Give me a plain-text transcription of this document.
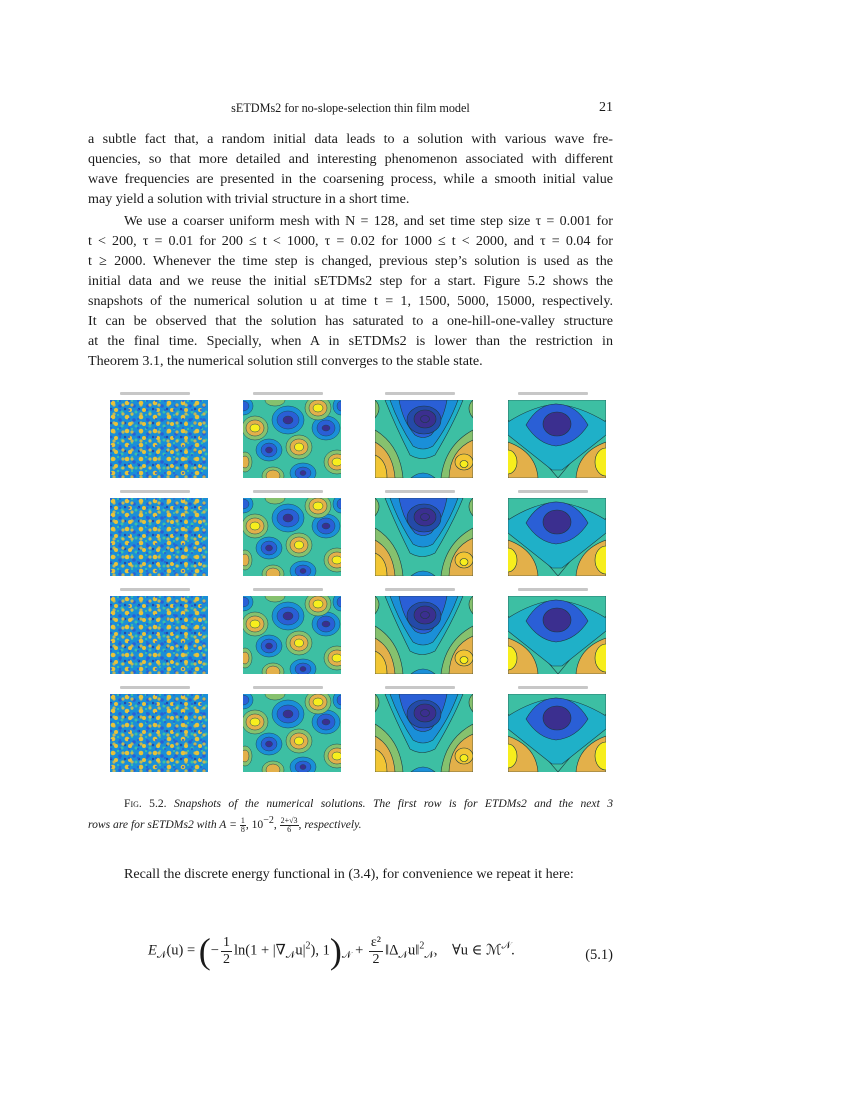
sETDMs2 for no-slope-selection thin film model	21
a subtle fact that, a random initial data leads to a solution with various wave fre-
quencies, so that more detailed and interesting phenomenon associated with different
wave frequencies are presented in the coarsening process, while a smooth initial value
may yield a solution with trivial structure in a short time.
We use a coarser uniform mesh with N = 128, and set time step size τ = 0.001 for
t < 200, τ = 0.01 for 200 ≤ t < 1000, τ = 0.02 for 1000 ≤ t < 2000, and τ = 0.04 for
t ≥ 2000. Whenever the time step is changed, previous step’s solution is used as the
initial data and we reuse the initial sETDMs2 step for a start. Figure 5.2 shows the
snapshots of the numerical solution u at time t = 1, 1500, 5000, 15000, respectively.
It can be observed that the solution has saturated to a one-hill-one-valley structure
at the final time. Specially, when A in sETDMs2 is lower than the restriction in
Theorem 3.1, the numerical solution still converges to the stable state.
Fig. 5.2. Snapshots of the numerical solutions. The first row is for ETDMs2 and the next 3
rows are for sETDMs2 with $A = \frac{1}{8}$ , $10^{-2}$, $\frac{2+√3}{6}$ , respectively.
Recall the discrete energy functional in (3.4), for convenience we repeat it here:
$E_𝒩(u)$ = (− $\frac{1}{2} \ln(1 + |\nabla_𝒩u|^2)$, $1)_𝒩 + \frac{\text{ε²}}{2}$ $‖\Delta_𝒩u‖^2_𝒩$,    ∀u ∈ ℳ$^𝒩$.	(5.1)
